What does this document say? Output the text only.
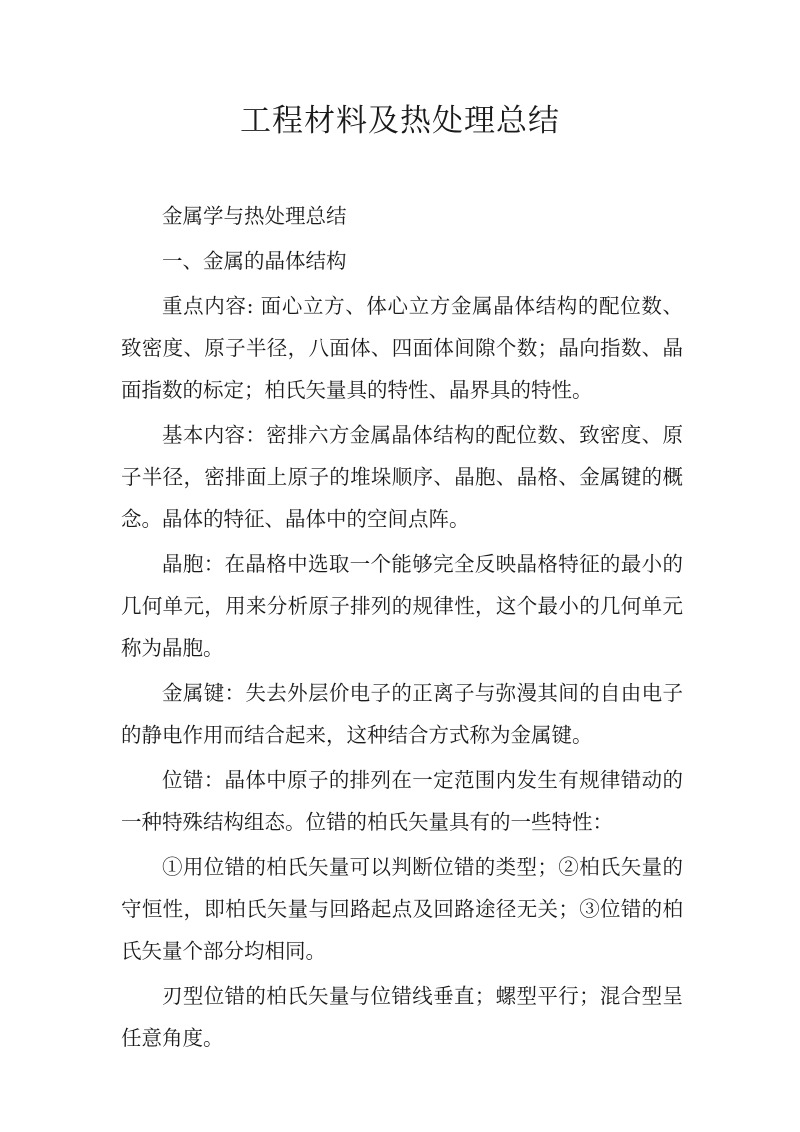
工程材料及热处理总结

金属学与热处理总结

一、金属的晶体结构

重点内容: 面心立方、体心立方金属晶体结构的配位数、致密度、原子半径，八面体、四面体间隙个数；晶向指数、晶面指数的标定；柏氏矢量具的特性、晶界具的特性。

基本内容：密排六方金属晶体结构的配位数、致密度、原子半径，密排面上原子的堆垛顺序、晶胞、晶格、金属键的概念。晶体的特征、晶体中的空间点阵。

晶胞：在晶格中选取一个能够完全反映晶格特征的最小的几何单元，用来分析原子排列的规律性，这个最小的几何单元称为晶胞。

金属键：失去外层价电子的正离子与弥漫其间的自由电子的静电作用而结合起来，这种结合方式称为金属键。

位错：晶体中原子的排列在一定范围内发生有规律错动的一种特殊结构组态。位错的柏氏矢量具有的一些特性：

①用位错的柏氏矢量可以判断位错的类型；②柏氏矢量的守恒性，即柏氏矢量与回路起点及回路途径无关；③位错的柏氏矢量个部分均相同。

刃型位错的柏氏矢量与位错线垂直；螺型平行；混合型呈任意角度。
